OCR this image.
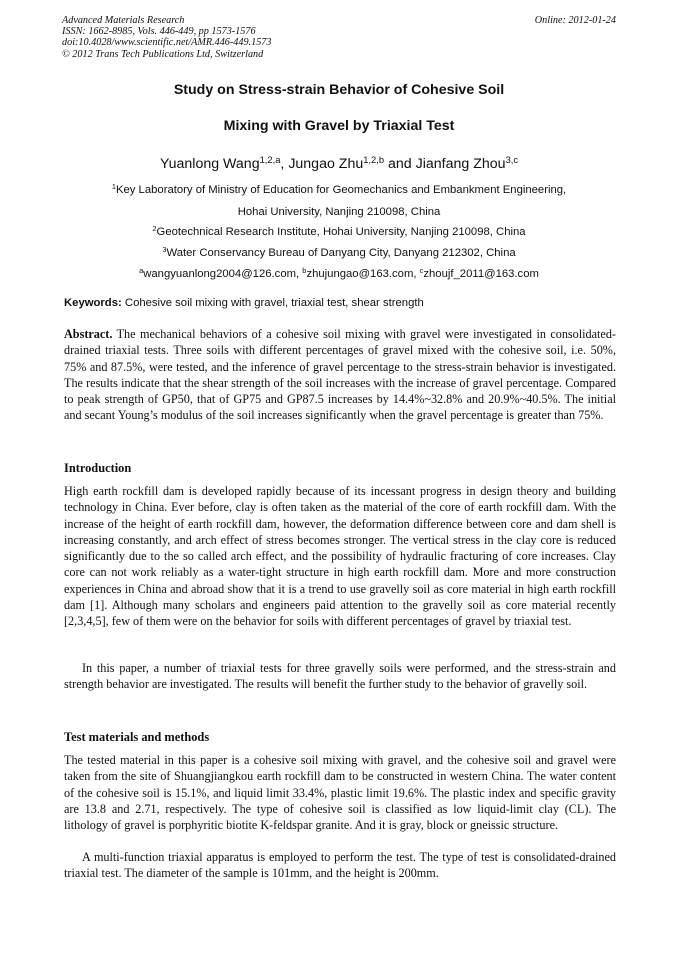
Advanced Materials Research
ISSN: 1662-8985, Vols. 446-449, pp 1573-1576
doi:10.4028/www.scientific.net/AMR.446-449.1573
© 2012 Trans Tech Publications Ltd, Switzerland
Online: 2012-01-24
Study on Stress-strain Behavior of Cohesive Soil
Mixing with Gravel by Triaxial Test
Yuanlong Wang$^{1,2,a}$, Jungao Zhu$^{1,2,b}$ and Jianfang Zhou$^{3,c}$
$^1$Key Laboratory of Ministry of Education for Geomechanics and Embankment Engineering,
Hohai University, Nanjing 210098, China
$^2$Geotechnical Research Institute, Hohai University, Nanjing 210098, China
$^3$Water Conservancy Bureau of Danyang City, Danyang 212302, China
$^a$wangyuanlong2004@126.com, $^b$zhujungao@163.com, $^c$zhoujf_2011@163.com
Keywords: Cohesive soil mixing with gravel, triaxial test, shear strength
Abstract. The mechanical behaviors of a cohesive soil mixing with gravel were investigated in consolidated-drained triaxial tests. Three soils with different percentages of gravel mixed with the cohesive soil, i.e. 50%, 75% and 87.5%, were tested, and the inference of gravel percentage to the stress-strain behavior is investigated. The results indicate that the shear strength of the soil increases with the increase of gravel percentage. Compared to peak strength of GP50, that of GP75 and GP87.5 increases by 14.4%~32.8% and 20.9%~40.5%. The initial and secant Young’s modulus of the soil increases significantly when the gravel percentage is greater than 75%.
Introduction
High earth rockfill dam is developed rapidly because of its incessant progress in design theory and building technology in China. Ever before, clay is often taken as the material of the core of earth rockfill dam. With the increase of the height of earth rockfill dam, however, the deformation difference between core and dam shell is increasing constantly, and arch effect of stress becomes stronger. The vertical stress in the clay core is reduced significantly due to the so called arch effect, and the possibility of hydraulic fracturing of core increases. Clay core can not work reliably as a water-tight structure in high earth rockfill dam. More and more construction experiences in China and abroad show that it is a trend to use gravelly soil as core material in high earth rockfill dam [1]. Although many scholars and engineers paid attention to the gravelly soil as core material recently [2,3,4,5], few of them were on the behavior for soils with different percentages of gravel by triaxial test.
In this paper, a number of triaxial tests for three gravelly soils were performed, and the stress-strain and strength behavior are investigated. The results will benefit the further study to the behavior of gravelly soil.
Test materials and methods
The tested material in this paper is a cohesive soil mixing with gravel, and the cohesive soil and gravel were taken from the site of Shuangjiangkou earth rockfill dam to be constructed in western China. The water content of the cohesive soil is 15.1%, and liquid limit 33.4%, plastic limit 19.6%. The plastic index and specific gravity are 13.8 and 2.71, respectively. The type of cohesive soil is classified as low liquid-limit clay (CL). The lithology of gravel is porphyritic biotite K-feldspar granite. And it is gray, block or gneissic structure.
A multi-function triaxial apparatus is employed to perform the test. The type of test is consolidated-drained triaxial test. The diameter of the sample is 101mm, and the height is 200mm.
